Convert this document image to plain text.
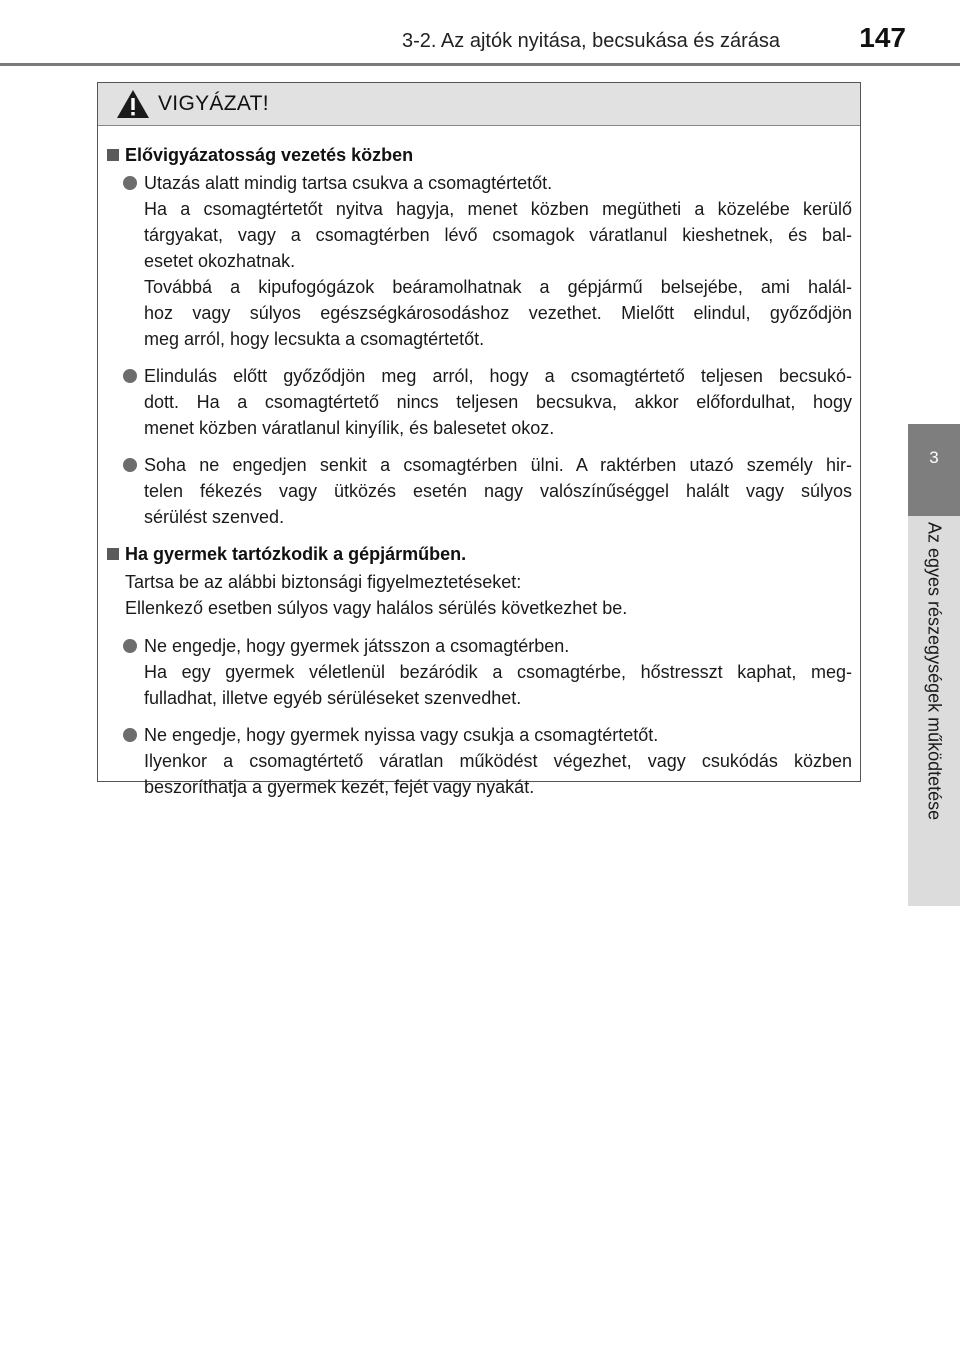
3-2. Az ajtók nyitása, becsukása és zárása	147
3
Az egyes részegységek működtetése
VIGYÁZAT!
Elővigyázatosság vezetés közben
Utazás alatt mindig tartsa csukva a csomagtértetőt.
Ha a csomagtértetőt nyitva hagyja, menet közben megütheti a közelébe kerülő
tárgyakat, vagy a csomagtérben lévő csomagok váratlanul kieshetnek, és bal-
esetet okozhatnak.
Továbbá a kipufogógázok beáramolhatnak a gépjármű belsejébe, ami halál-
hoz vagy súlyos egészségkárosodáshoz vezethet. Mielőtt elindul, győződjön
meg arról, hogy lecsukta a csomagtértetőt.
Elindulás előtt győződjön meg arról, hogy a csomagtértető teljesen becsukó-
dott. Ha a csomagtértető nincs teljesen becsukva, akkor előfordulhat, hogy
menet közben váratlanul kinyílik, és balesetet okoz.
Soha ne engedjen senkit a csomagtérben ülni. A raktérben utazó személy hir-
telen fékezés vagy ütközés esetén nagy valószínűséggel halált vagy súlyos
sérülést szenved.
Ha gyermek tartózkodik a gépjárműben.
Tartsa be az alábbi biztonsági figyelmeztetéseket:
Ellenkező esetben súlyos vagy halálos sérülés következhet be.
Ne engedje, hogy gyermek játsszon a csomagtérben.
Ha egy gyermek véletlenül bezáródik a csomagtérbe, hőstresszt kaphat, meg-
fulladhat, illetve egyéb sérüléseket szenvedhet.
Ne engedje, hogy gyermek nyissa vagy csukja a csomagtértetőt.
Ilyenkor a csomagtértető váratlan működést végezhet, vagy csukódás közben
beszoríthatja a gyermek kezét, fejét vagy nyakát.
